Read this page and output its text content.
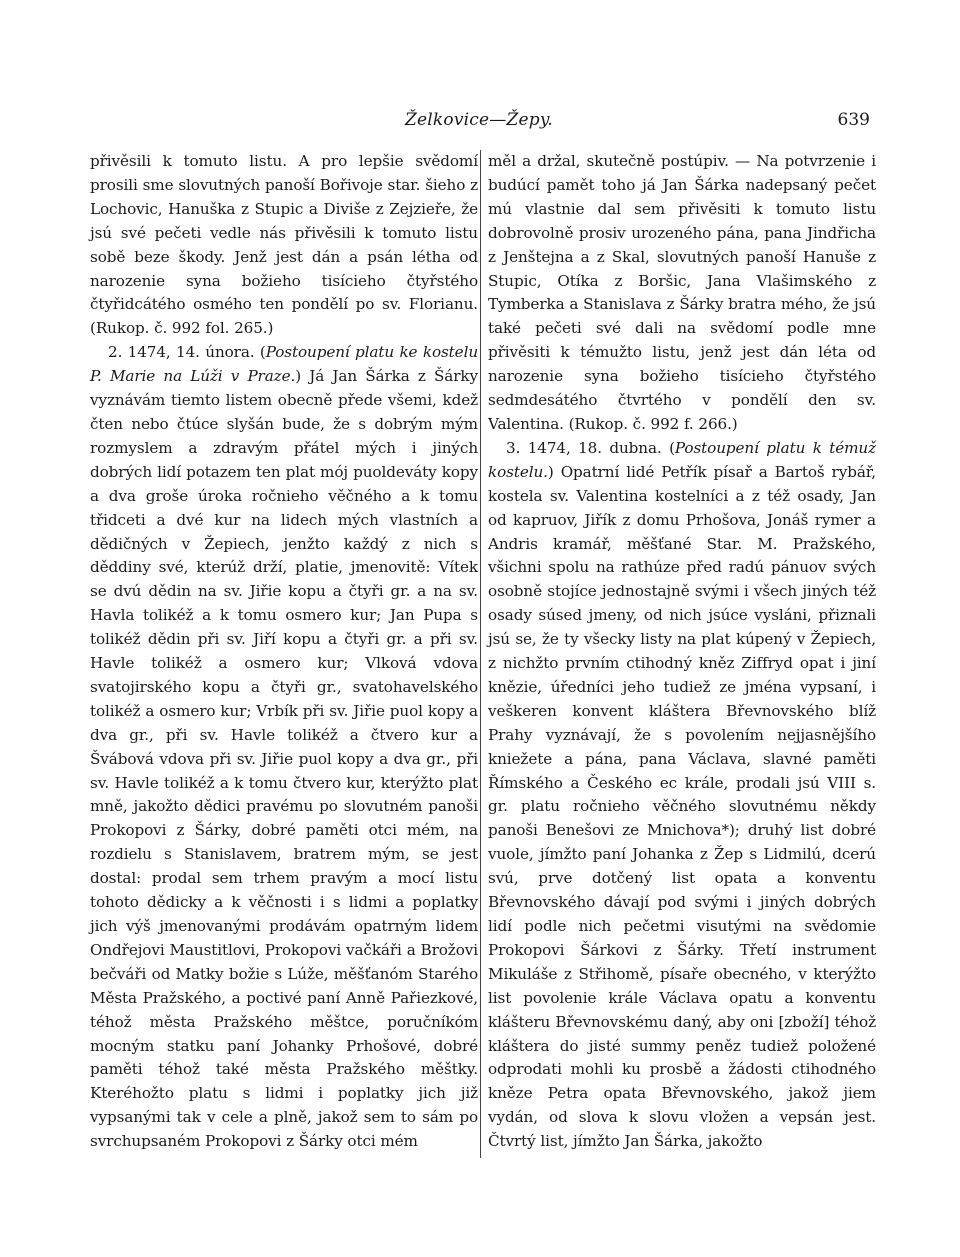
Želkovice—Žepy.	639

přivěsili k tomuto listu. A pro lepšie svědomí prosili sme slovutných panoší Bořivoje star. šieho z Lochovic, Hanuška z Stupic a Diviše z Zejzieře, že jsú své pečeti vedle nás přivěsili k tomuto listu sobě beze škody. Jenž jest dán a psán létha od narozenie syna božieho tisícieho čtyřstého čtyřidcátého osmého ten pondělí po sv. Florianu. (Rukop. č. 992 fol. 265.)

2. 1474, 14. února. (Postoupení platu ke kostelu P. Marie na Lúži v Praze.) Já Jan Šárka z Šárky vyznávám tiemto listem obecně přede všemi, kdež čten nebo čtúce slyšán bude, že s dobrým mým rozmyslem a zdravým přátel mých i jiných dobrých lidí potazem ten plat mój puoldeváty kopy a dva groše úroka ročnieho věčného a k tomu třidceti a dvé kur na lidech mých vlastních a dědičných v Žepiech, jenžto každý z nich s děddiny své, kterúž drží, platie, jmenovitě: Vítek se dvú dědin na sv. Jiřie kopu a čtyři gr. a na sv. Havla tolikéž a k tomu osmero kur; Jan Pupa s tolikéž dědin při sv. Jiří kopu a čtyři gr. a při sv. Havle tolikéž a osmero kur; Vlková vdova svatojirského kopu a čtyři gr., svatohavelského tolikéž a osmero kur; Vrbík při sv. Jiřie puol kopy a dva gr., při sv. Havle tolikéž a čtvero kur a Švábová vdova při sv. Jiřie puol kopy a dva gr., při sv. Havle tolikéž a k tomu čtvero kur, kterýžto plat mně, jakožto dědici pravému po slovutném panoši Prokopovi z Šárky, dobré paměti otci mém, na rozdielu s Stanislavem, bratrem mým, se jest dostal: prodal sem trhem pravým a mocí listu tohoto dědicky a k věčnosti i s lidmi a poplatky jich výš jmenovanými prodávám opatrným lidem Ondřejovi Maustitlovi, Prokopovi vačkáři a Brožovi bečváři od Matky božie s Lúže, měšťanóm Starého Města Pražského, a poctivé paní Anně Pařiezkové, téhož města Pražského měštce, poručníkóm mocným statku paní Johanky Prhošové, dobré paměti téhož také města Pražského měštky. Kteréhožto platu s lidmi i poplatky jich již vypsanými tak v cele a plně, jakož sem to sám po svrchupsaném Prokopovi z Šárky otci mém

měl a držal, skutečně postúpiv. — Na potvrzenie i budúcí pamět toho já Jan Šárka nadepsaný pečet mú vlastnie dal sem přivěsiti k tomuto listu dobrovolně prosiv urozeného pána, pana Jindřicha z Jenštejna a z Skal, slovutných panoší Hanuše z Stupic, Otíka z Boršic, Jana Vlašimského z Tymberka a Stanislava z Šárky bratra mého, že jsú také pečeti své dali na svědomí podle mne přivěsiti k témužto listu, jenž jest dán léta od narozenie syna božieho tisícieho čtyřstého sedmdesátého čtvrtého v pondělí den sv. Valentina. (Rukop. č. 992 f. 266.)

3. 1474, 18. dubna. (Postoupení platu k témuž kostelu.) Opatrní lidé Petřík písař a Bartoš rybář, kostela sv. Valentina kostelníci a z též osady, Jan od kapruov, Jiřík z domu Prhošova, Jonáš rymer a Andris kramář, měšťané Star. M. Pražského, všichni spolu na rathúze před radú pánuov svých osobně stojíce jednostajně svými i všech jiných též osady súsed jmeny, od nich jsúce vysláni, přiznali jsú se, že ty všecky listy na plat kúpený v Žepiech, z nichžto prvním ctihodný kněz Ziffryd opat i jiní knězie, úředníci jeho tudiež ze jména vypsaní, i veškeren konvent kláštera Břevnovského blíž Prahy vyznávají, že s povolením nejjasnějšího kniežete a pána, pana Václava, slavné paměti Římského a Českého ec krále, prodali jsú VIII s. gr. platu ročnieho věčného slovutnému někdy panoši Benešovi ze Mnichova*); druhý list dobré vuole, jímžto paní Johanka z Žep s Lidmilú, dcerú svú, prve dotčený list opata a konventu Břevnovského dávají pod svými i jiných dobrých lidí podle nich pečetmi visutými na svědomie Prokopovi Šárkovi z Šárky. Třetí instrument Mikuláše z Střihomě, písaře obecného, v kterýžto list povolenie krále Václava opatu a konventu klášteru Břevnovskému daný, aby oni [zboží] téhož kláštera do jisté summy peněz tudiež položené odprodati mohli ku prosbě a žádosti ctihodného kněze Petra opata Břevnovského, jakož jiem vydán, od slova k slovu vložen a vepsán jest. Čtvrtý list, jímžto Jan Šárka, jakožto
